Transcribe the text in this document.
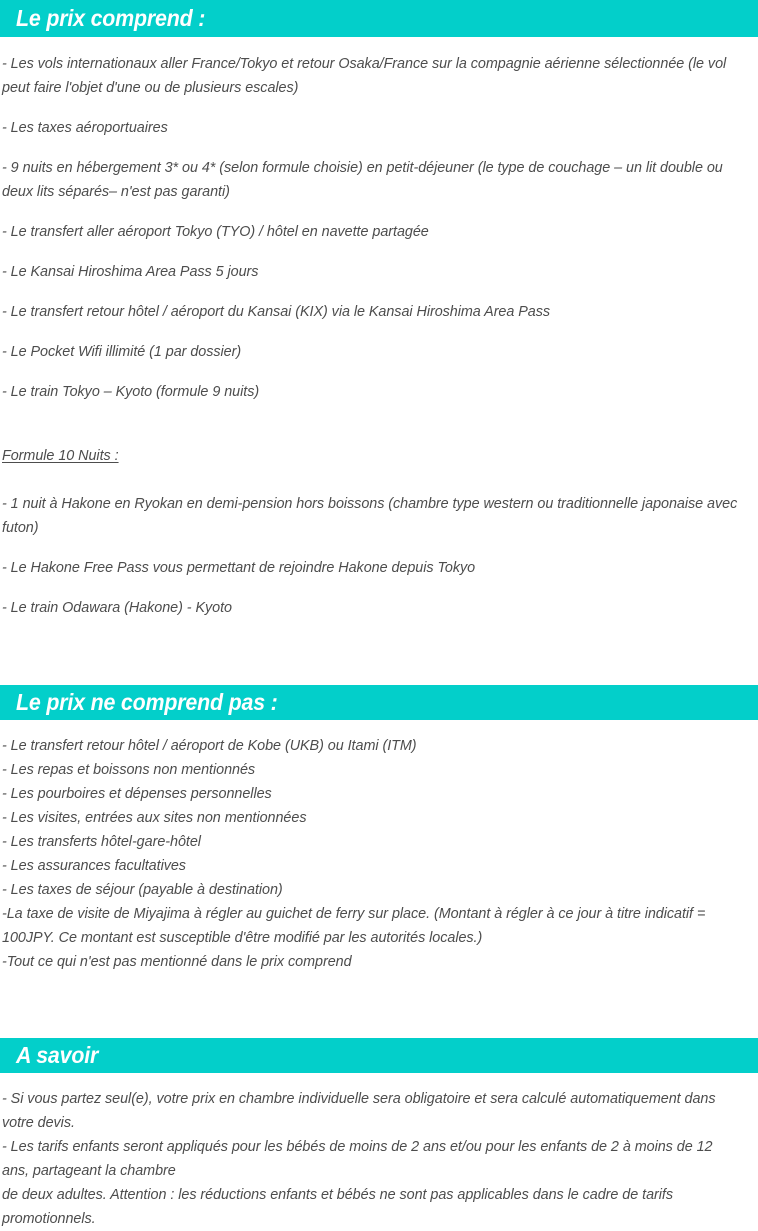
Le prix comprend :

- Les vols internationaux aller France/Tokyo et retour Osaka/France sur la compagnie aérienne sélectionnée (le vol peut faire l'objet d'une ou de plusieurs escales)

- Les taxes aéroportuaires

- 9 nuits en hébergement 3* ou 4* (selon formule choisie) en petit-déjeuner (le type de couchage – un lit double ou deux lits séparés– n'est pas garanti)

- Le transfert aller aéroport Tokyo (TYO) / hôtel en navette partagée

- Le Kansai Hiroshima Area Pass 5 jours

- Le transfert retour hôtel / aéroport du Kansai (KIX) via le Kansai Hiroshima Area Pass

- Le Pocket Wifi illimité (1 par dossier)

- Le train Tokyo – Kyoto (formule 9 nuits)

Formule 10 Nuits :

- 1 nuit à Hakone en Ryokan en demi-pension hors boissons (chambre type western ou traditionnelle japonaise avec futon)

- Le Hakone Free Pass vous permettant de rejoindre Hakone depuis Tokyo

- Le train Odawara (Hakone) - Kyoto

Le prix ne comprend pas :

- Le transfert retour hôtel / aéroport de Kobe (UKB) ou Itami (ITM)

- Les repas et boissons non mentionnés

- Les pourboires et dépenses personnelles

- Les visites, entrées aux sites non mentionnées

- Les transferts hôtel-gare-hôtel

- Les assurances facultatives

- Les taxes de séjour (payable à destination)

-La taxe de visite de Miyajima à régler au guichet de ferry sur place. (Montant à régler à ce jour à titre indicatif = 100JPY. Ce montant est susceptible d'être modifié par les autorités locales.)

-Tout ce qui n'est pas mentionné dans le prix comprend

A savoir

- Si vous partez seul(e), votre prix en chambre individuelle sera obligatoire et sera calculé automatiquement dans votre devis.

- Les tarifs enfants seront appliqués pour les bébés de moins de 2 ans et/ou pour les enfants de 2 à moins de 12 ans, partageant la chambre

de deux adultes. Attention : les réductions enfants et bébés ne sont pas applicables dans le cadre de tarifs promotionnels.
